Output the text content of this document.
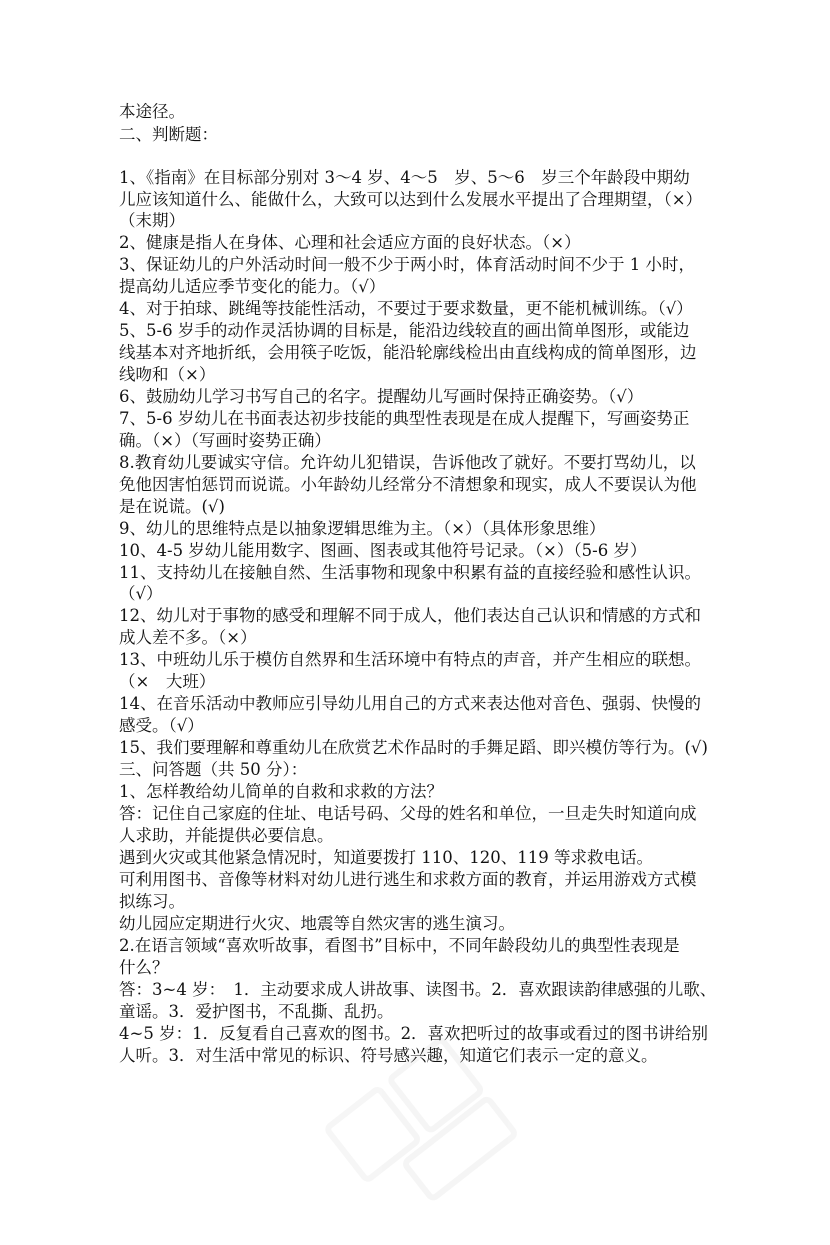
本途径。
二、判断题：
1、《指南》在目标部分别对 3～4 岁、4～5　岁、5～6　岁三个年龄段中期幼
儿应该知道什么、能做什么，大致可以达到什么发展水平提出了合理期望，（×）
（末期）
2、健康是指人在身体、心理和社会适应方面的良好状态。（×）
3、保证幼儿的户外活动时间一般不少于两小时，体育活动时间不少于 1 小时，
提高幼儿适应季节变化的能力。（√）
4、对于拍球、跳绳等技能性活动，不要过于要求数量，更不能机械训练。（√）
5、5-6 岁手的动作灵活协调的目标是，能沿边线较直的画出简单图形，或能边
线基本对齐地折纸，会用筷子吃饭，能沿轮廓线检出由直线构成的简单图形，边
线吻和（×）
6、鼓励幼儿学习书写自己的名字。提醒幼儿写画时保持正确姿势。（√）
7、5-6 岁幼儿在书面表达初步技能的典型性表现是在成人提醒下，写画姿势正
确。（×）（写画时姿势正确）
8.教育幼儿要诚实守信。允许幼儿犯错误，告诉他改了就好。不要打骂幼儿，以
免他因害怕惩罚而说谎。小年龄幼儿经常分不清想象和现实，成人不要误认为他
是在说谎。(√)
9、幼儿的思维特点是以抽象逻辑思维为主。（×）（具体形象思维）
10、4-5 岁幼儿能用数字、图画、图表或其他符号记录。（×）（5-6 岁）
11、支持幼儿在接触自然、生活事物和现象中积累有益的直接经验和感性认识。
（√）
12、幼儿对于事物的感受和理解不同于成人，他们表达自己认识和情感的方式和
成人差不多。（×）
13、中班幼儿乐于模仿自然界和生活环境中有特点的声音，并产生相应的联想。
（×　大班）
14、在音乐活动中教师应引导幼儿用自己的方式来表达他对音色、强弱、快慢的
感受。（√）
15、我们要理解和尊重幼儿在欣赏艺术作品时的手舞足蹈、即兴模仿等行为。(√)
三、问答题（共 50 分）：
1、怎样教给幼儿简单的自救和求救的方法？
答：记住自己家庭的住址、电话号码、父母的姓名和单位，一旦走失时知道向成
人求助，并能提供必要信息。
遇到火灾或其他紧急情况时，知道要拨打 110、120、119 等求救电话。
可利用图书、音像等材料对幼儿进行逃生和求救方面的教育，并运用游戏方式模
拟练习。
幼儿园应定期进行火灾、地震等自然灾害的逃生演习。
2.在语言领域“喜欢听故事，看图书”目标中，不同年龄段幼儿的典型性表现是
什么？
答：3~4 岁：　1．主动要求成人讲故事、读图书。2．喜欢跟读韵律感强的儿歌、
童谣。3．爱护图书，不乱撕、乱扔。
4~5 岁：1．反复看自己喜欢的图书。2．喜欢把听过的故事或看过的图书讲给别
人听。3．对生活中常见的标识、符号感兴趣，知道它们表示一定的意义。
